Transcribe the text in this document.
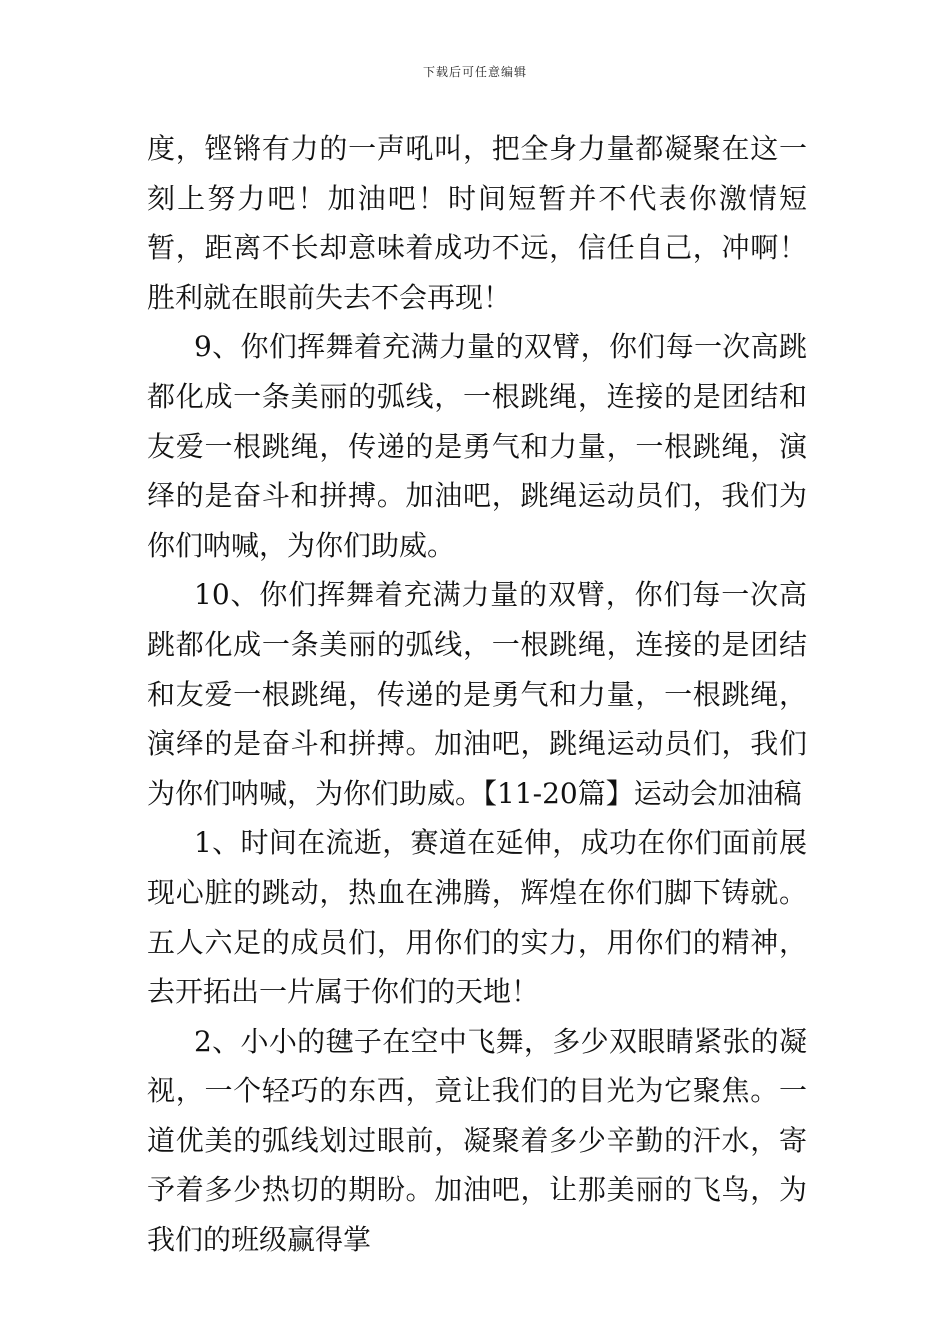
下载后可任意编辑

度，铿锵有力的一声吼叫，把全身力量都凝聚在这一刻上努力吧！加油吧！时间短暂并不代表你激情短暂，距离不长却意味着成功不远，信任自己，冲啊！胜利就在眼前失去不会再现！

9、你们挥舞着充满力量的双臂，你们每一次高跳都化成一条美丽的弧线，一根跳绳，连接的是团结和友爱一根跳绳，传递的是勇气和力量，一根跳绳，演绎的是奋斗和拼搏。加油吧，跳绳运动员们，我们为你们呐喊，为你们助威。

10、你们挥舞着充满力量的双臂，你们每一次高跳都化成一条美丽的弧线，一根跳绳，连接的是团结和友爱一根跳绳，传递的是勇气和力量，一根跳绳，演绎的是奋斗和拼搏。加油吧，跳绳运动员们，我们为你们呐喊，为你们助威。【11-20篇】运动会加油稿

1、时间在流逝，赛道在延伸，成功在你们面前展现心脏的跳动，热血在沸腾，辉煌在你们脚下铸就。五人六足的成员们，用你们的实力，用你们的精神，去开拓出一片属于你们的天地！

2、小小的毽子在空中飞舞，多少双眼睛紧张的凝视，一个轻巧的东西，竟让我们的目光为它聚焦。一道优美的弧线划过眼前，凝聚着多少辛勤的汗水，寄予着多少热切的期盼。加油吧，让那美丽的飞鸟，为我们的班级赢得掌
